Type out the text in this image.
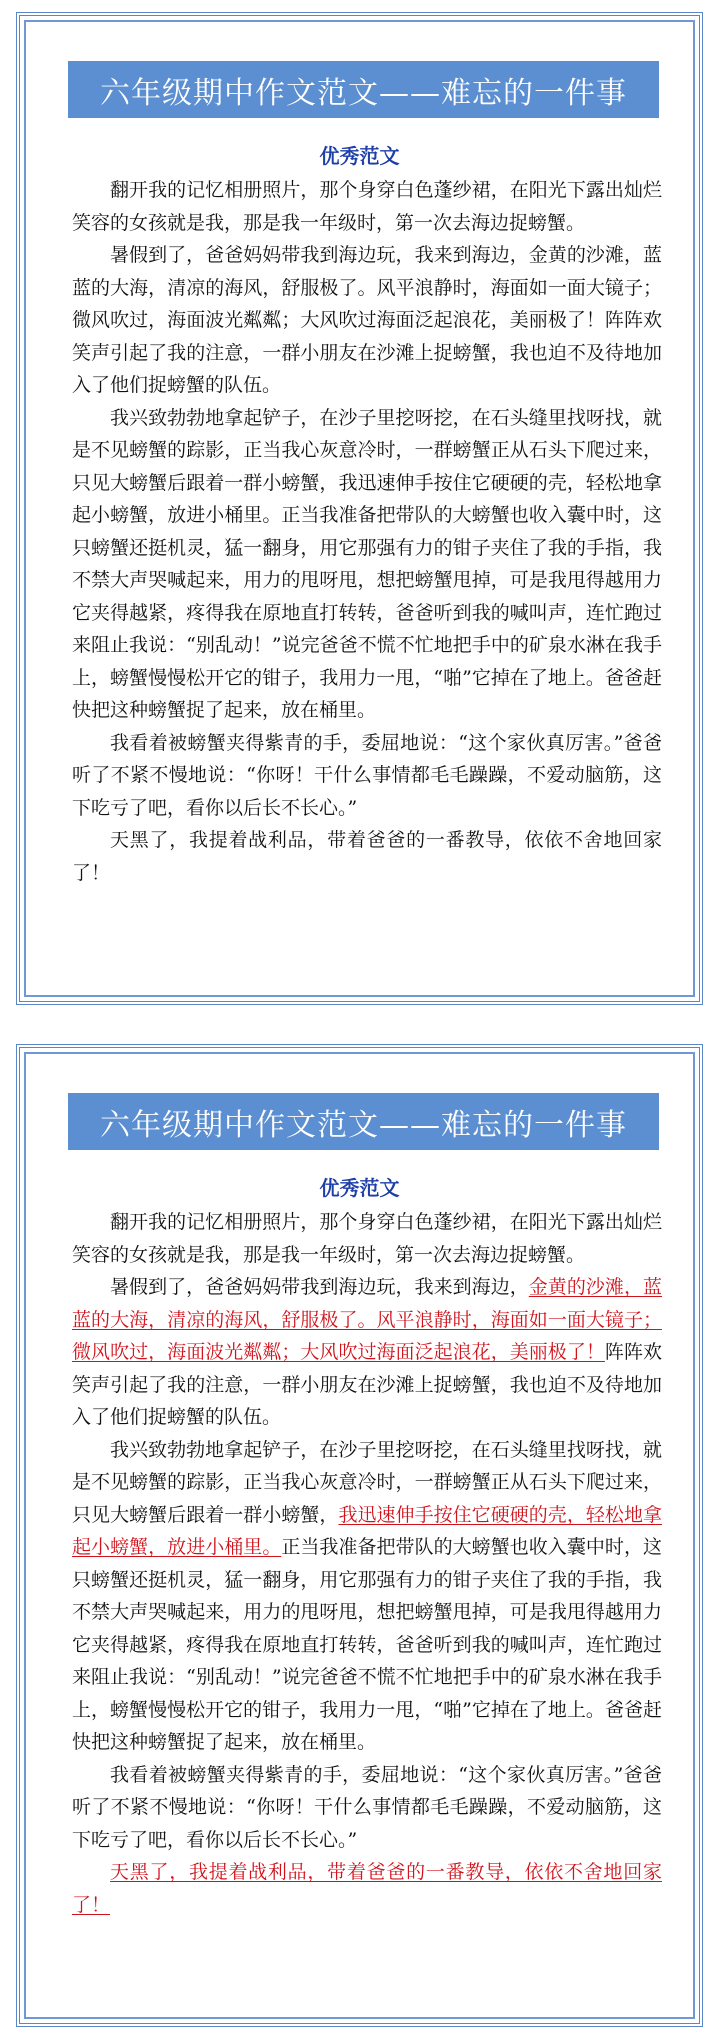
六年级期中作文范文——难忘的一件事
优秀范文

翻开我的记忆相册照片，那个身穿白色蓬纱裙，在阳光下露出灿烂笑容的女孩就是我，那是我一年级时，第一次去海边捉螃蟹。

暑假到了，爸爸妈妈带我到海边玩，我来到海边，金黄的沙滩，蓝蓝的大海，清凉的海风，舒服极了。风平浪静时，海面如一面大镜子；微风吹过，海面波光粼粼；大风吹过海面泛起浪花，美丽极了！阵阵欢笑声引起了我的注意，一群小朋友在沙滩上捉螃蟹，我也迫不及待地加入了他们捉螃蟹的队伍。

我兴致勃勃地拿起铲子，在沙子里挖呀挖，在石头缝里找呀找，就是不见螃蟹的踪影，正当我心灰意冷时，一群螃蟹正从石头下爬过来，只见大螃蟹后跟着一群小螃蟹，我迅速伸手按住它硬硬的壳，轻松地拿起小螃蟹，放进小桶里。正当我准备把带队的大螃蟹也收入囊中时，这只螃蟹还挺机灵，猛一翻身，用它那强有力的钳子夹住了我的手指，我不禁大声哭喊起来，用力的甩呀甩，想把螃蟹甩掉，可是我甩得越用力它夹得越紧，疼得我在原地直打转转，爸爸听到我的喊叫声，连忙跑过来阻止我说：“别乱动！”说完爸爸不慌不忙地把手中的矿泉水淋在我手上，螃蟹慢慢松开它的钳子，我用力一甩，“啪”它掉在了地上。爸爸赶快把这种螃蟹捉了起来，放在桶里。

我看着被螃蟹夹得紫青的手，委屈地说：“这个家伙真厉害。”爸爸听了不紧不慢地说：“你呀！干什么事情都毛毛躁躁，不爱动脑筋，这下吃亏了吧，看你以后长不长心。”

天黑了，我提着战利品，带着爸爸的一番教导，依依不舍地回家了！

六年级期中作文范文——难忘的一件事
优秀范文

翻开我的记忆相册照片，那个身穿白色蓬纱裙，在阳光下露出灿烂笑容的女孩就是我，那是我一年级时，第一次去海边捉螃蟹。

暑假到了，爸爸妈妈带我到海边玩，我来到海边，金黄的沙滩，蓝蓝的大海，清凉的海风，舒服极了。风平浪静时，海面如一面大镜子；微风吹过，海面波光粼粼；大风吹过海面泛起浪花，美丽极了！阵阵欢笑声引起了我的注意，一群小朋友在沙滩上捉螃蟹，我也迫不及待地加入了他们捉螃蟹的队伍。

我兴致勃勃地拿起铲子，在沙子里挖呀挖，在石头缝里找呀找，就是不见螃蟹的踪影，正当我心灰意冷时，一群螃蟹正从石头下爬过来，只见大螃蟹后跟着一群小螃蟹，我迅速伸手按住它硬硬的壳，轻松地拿起小螃蟹，放进小桶里。正当我准备把带队的大螃蟹也收入囊中时，这只螃蟹还挺机灵，猛一翻身，用它那强有力的钳子夹住了我的手指，我不禁大声哭喊起来，用力的甩呀甩，想把螃蟹甩掉，可是我甩得越用力它夹得越紧，疼得我在原地直打转转，爸爸听到我的喊叫声，连忙跑过来阻止我说：“别乱动！”说完爸爸不慌不忙地把手中的矿泉水淋在我手上，螃蟹慢慢松开它的钳子，我用力一甩，“啪”它掉在了地上。爸爸赶快把这种螃蟹捉了起来，放在桶里。

我看着被螃蟹夹得紫青的手，委屈地说：“这个家伙真厉害。”爸爸听了不紧不慢地说：“你呀！干什么事情都毛毛躁躁，不爱动脑筋，这下吃亏了吧，看你以后长不长心。”

天黑了，我提着战利品，带着爸爸的一番教导，依依不舍地回家了！
